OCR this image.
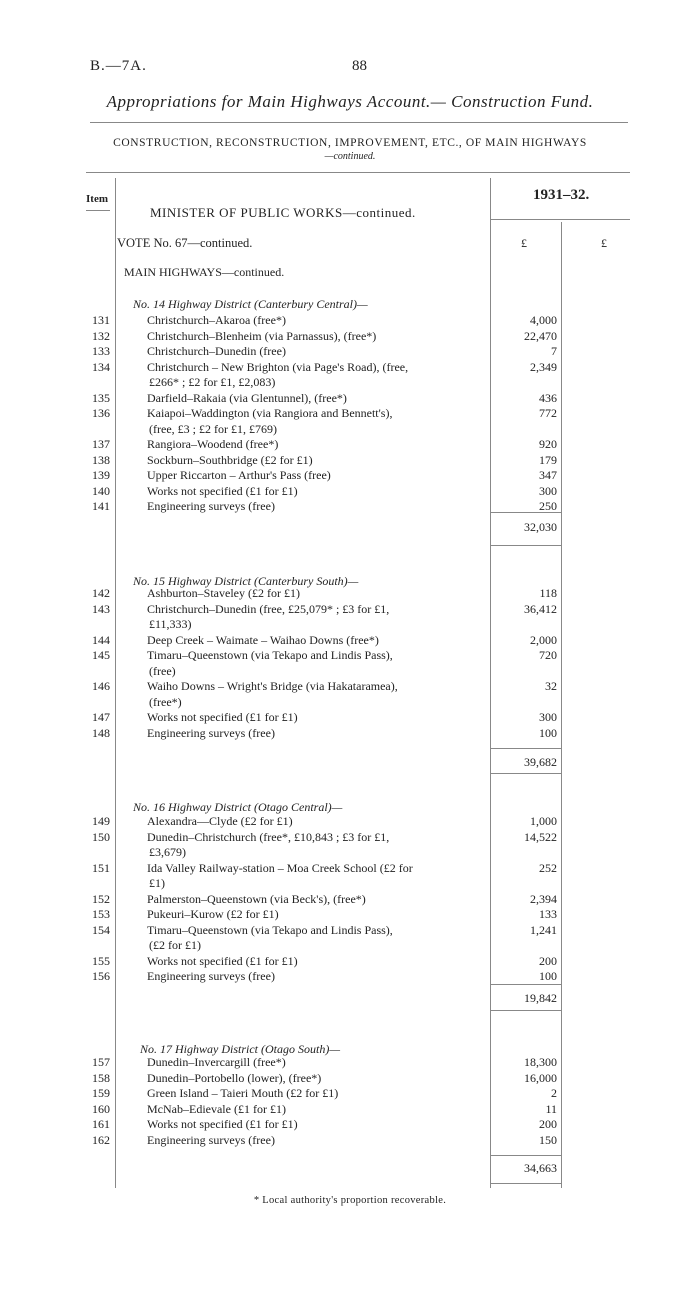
B.—7A.	88
Appropriations for Main Highways Account.— Construction Fund.
CONSTRUCTION, RECONSTRUCTION, IMPROVEMENT, ETC., OF MAIN HIGHWAYS
—continued.
Item	1931–32.
MINISTER OF PUBLIC WORKS—continued.
VOTE No. 67—continued.	£	£
MAIN HIGHWAYS—continued.
No. 14 Highway District (Canterbury Central)—
131	Christchurch–Akaroa (free*)	4,000
132	Christchurch–Blenheim (via Parnassus), (free*)	22,470
133	Christchurch–Dunedin (free)	7
134	Christchurch – New Brighton (via Page's Road), (free,	2,349
£266* ; £2 for £1, £2,083)
135	Darfield–Rakaia (via Glentunnel), (free*)	436
136	Kaiapoi–Waddington (via Rangiora and Bennett's),	772
(free, £3 ; £2 for £1, £769)
137	Rangiora–Woodend (free*)	920
138	Sockburn–Southbridge (£2 for £1)	179
139	Upper Riccarton – Arthur's Pass (free)	347
140	Works not specified (£1 for £1)	300
141	Engineering surveys (free)	250
32,030
No. 15 Highway District (Canterbury South)—
142	Ashburton–Staveley (£2 for £1)	118
143	Christchurch–Dunedin (free, £25,079* ; £3 for £1,	36,412
£11,333)
144	Deep Creek – Waimate – Waihao Downs (free*)	2,000
145	Timaru–Queenstown (via Tekapo and Lindis Pass),	720
(free)
146	Waiho Downs – Wright's Bridge (via Hakataramea),	32
(free*)
147	Works not specified (£1 for £1)	300
148	Engineering surveys (free)	100
39,682
No. 16 Highway District (Otago Central)—
149	Alexandra—Clyde (£2 for £1)	1,000
150	Dunedin–Christchurch (free*, £10,843 ; £3 for £1,	14,522
£3,679)
151	Ida Valley Railway-station – Moa Creek School (£2 for	252
£1)
152	Palmerston–Queenstown (via Beck's), (free*)	2,394
153	Pukeuri–Kurow (£2 for £1)	133
154	Timaru–Queenstown (via Tekapo and Lindis Pass),	1,241
(£2 for £1)
155	Works not specified (£1 for £1)	200
156	Engineering surveys (free)	100
19,842
No. 17 Highway District (Otago South)—
157	Dunedin–Invercargill (free*)	18,300
158	Dunedin–Portobello (lower), (free*)	16,000
159	Green Island – Taieri Mouth (£2 for £1)	2
160	McNab–Edievale (£1 for £1)	11
161	Works not specified (£1 for £1)	200
162	Engineering surveys (free)	150
34,663
* Local authority's proportion recoverable.
